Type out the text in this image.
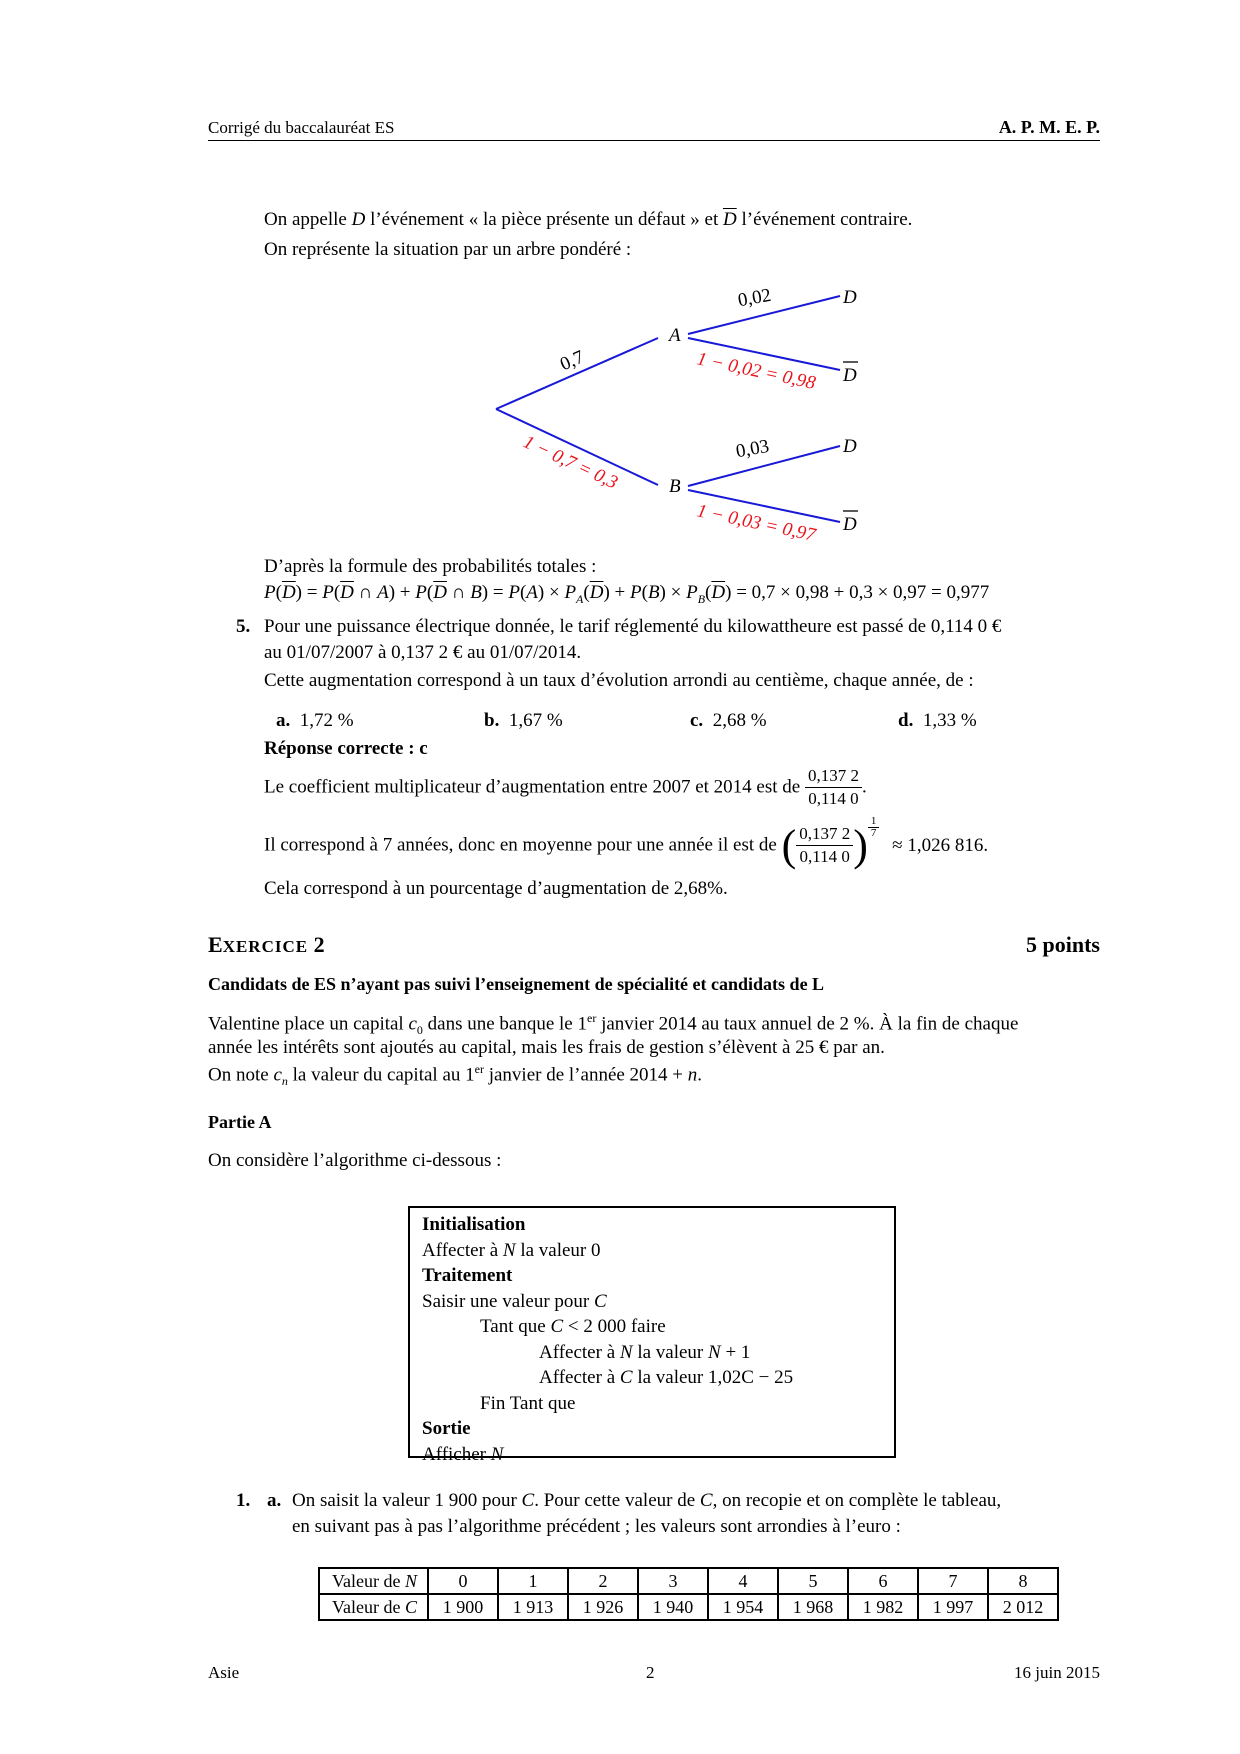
Corrigé du baccalauréat ES	A. P. M. E. P.
On appelle D l’événement « la pièce présente un défaut » et $\overline{D}$ l’événement contraire.
On représente la situation par un arbre pondéré :
A
B
D
D
D
D
0,7
1 − 0,7 = 0,3
0,02
1 − 0,02 = 0,98
0,03
1 − 0,03 = 0,97
D’après la formule des probabilités totales :
$P(\overline{D}) = P(\overline{D}$ ∩ $A) + P(\overline{D}$ ∩ $B) = P(A) \times P_A(\overline{D}) + P(B) \times P_B(\overline{D}) = 0,7 \times 0,98 + 0,3 \times 0,97 = 0,977$
5. Pour une puissance électrique donnée, le tarif réglementé du kilowattheure est passé de 0,114 0 €
au 01/07/2007 à 0,137 2 € au 01/07/2014.
Cette augmentation correspond à un taux d’évolution arrondi au centième, chaque année, de :
a. 1,72 %	b. 1,67 %	c. 2,68 %	d. 1,33 %
Réponse correcte : c
Le coefficient multiplicateur d’augmentation entre 2007 et 2014 est de $\frac{0,137 2}{0,114 0}$ .
Il correspond à 7 années, donc en moyenne pour une année il est de ( $\frac{0,137 2}{0,114 0}$ ) $\frac{1}{7}$
≈ 1,026 816.
Cela correspond à un pourcentage d’augmentation de 2,68%.
EXERCICE 2	5 points
Candidats de ES n’ayant pas suivi l’enseignement de spécialité et candidats de L
Valentine place un capital $c_0$ dans une banque le 1er janvier 2014 au taux annuel de 2 %. À la fin de chaque
année les intérêts sont ajoutés au capital, mais les frais de gestion s’élèvent à 25 € par an.
On note $c_n$ la valeur du capital au 1er janvier de l’année 2014 + n.
Partie A
On considère l’algorithme ci-dessous :
Initialisation
Affecter à N la valeur 0
Traitement
Saisir une valeur pour C
Tant que C < 2 000 faire
Affecter à N la valeur N + 1
Affecter à C la valeur 1,02C − 25
Fin Tant que
Sortie
Afficher N
1. a. On saisit la valeur 1 900 pour C. Pour cette valeur de C, on recopie et on complète le tableau,
en suivant pas à pas l’algorithme précédent ; les valeurs sont arrondies à l’euro :
Valeur de N	0	1	2	3	4	5	6	7	8
Valeur de C	1 900	1 913	1 926	1 940	1 954	1 968	1 982	1 997	2 012
Asie	2	16 juin 2015
